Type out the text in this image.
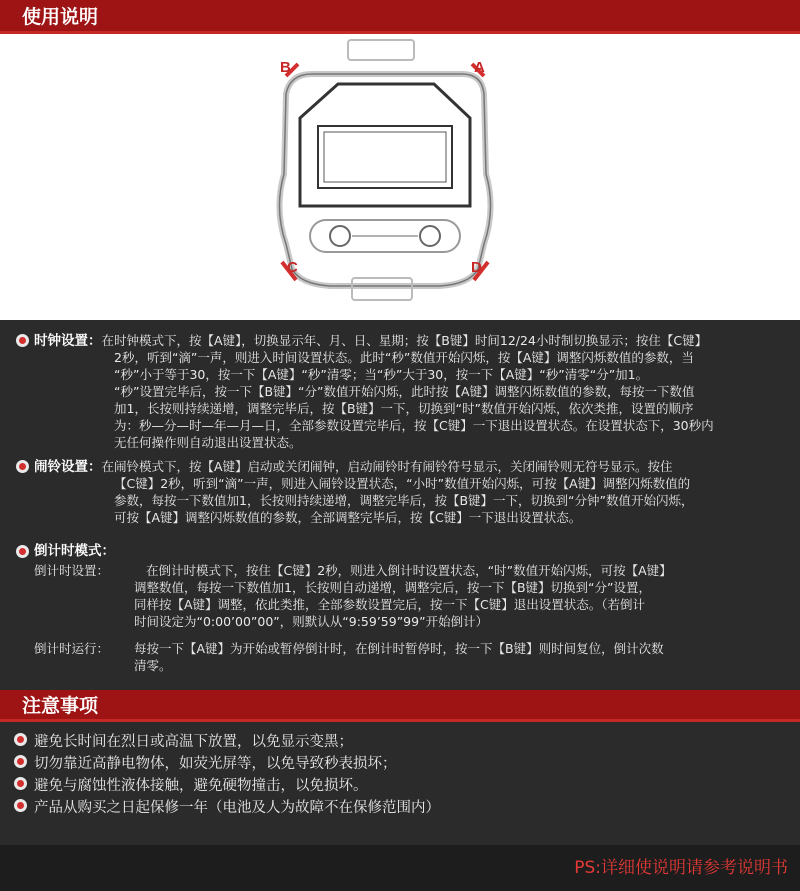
使用说明
B	A
C	D
时钟设置：在时钟模式下，按【A键】，切换显示年、月、日、星期；按【B键】时间12/24小时制切换显示；按住【C键】
2秒，听到“滴”一声，则进入时间设置状态。此时“秒”数值开始闪烁，按【A键】调整闪烁数值的参数，当
“秒”小于等于30，按一下【A键】“秒”清零；当“秒”大于30，按一下【A键】“秒”清零“分”加1。
“秒”设置完毕后，按一下【B键】“分”数值开始闪烁，此时按【A键】调整闪烁数值的参数，每按一下数值
加1，长按则持续递增，调整完毕后，按【B键】一下，切换到“时”数值开始闪烁，依次类推，设置的顺序
为：秒—分—时—年—月—日，全部参数设置完毕后，按【C键】一下退出设置状态。在设置状态下，30秒内
无任何操作则自动退出设置状态。
闹铃设置：在闹铃模式下，按【A键】启动或关闭闹钟，启动闹铃时有闹铃符号显示，关闭闹铃则无符号显示。按住
【C键】2秒，听到“滴”一声，则进入闹铃设置状态，“小时”数值开始闪烁，可按【A键】调整闪烁数值的
参数，每按一下数值加1，长按则持续递增，调整完毕后，按【B键】一下，切换到“分钟”数值开始闪烁，
可按【A键】调整闪烁数值的参数，全部调整完毕后，按【C键】一下退出设置状态。
倒计时模式：
倒计时设置：	在倒计时模式下，按住【C键】2秒，则进入倒计时设置状态，“时”数值开始闪烁，可按【A键】
调整数值，每按一下数值加1，长按则自动递增，调整完后，按一下【B键】切换到“分”设置，
同样按【A键】调整，依此类推，全部参数设置完后，按一下【C键】退出设置状态。（若倒计
时间设定为“0:00’00”00”，则默认从“9:59’59”99”开始倒计）
倒计时运行：	每按一下【A键】为开始或暂停倒计时，在倒计时暂停时，按一下【B键】则时间复位，倒计次数
清零。
注意事项
避免长时间在烈日或高温下放置，以免显示变黑；
切勿靠近高静电物体，如荧光屏等，以免导致秒表损坏；
避免与腐蚀性液体接触，避免硬物撞击，以免损坏。
产品从购买之日起保修一年（电池及人为故障不在保修范围内）
PS:详细使说明请参考说明书
